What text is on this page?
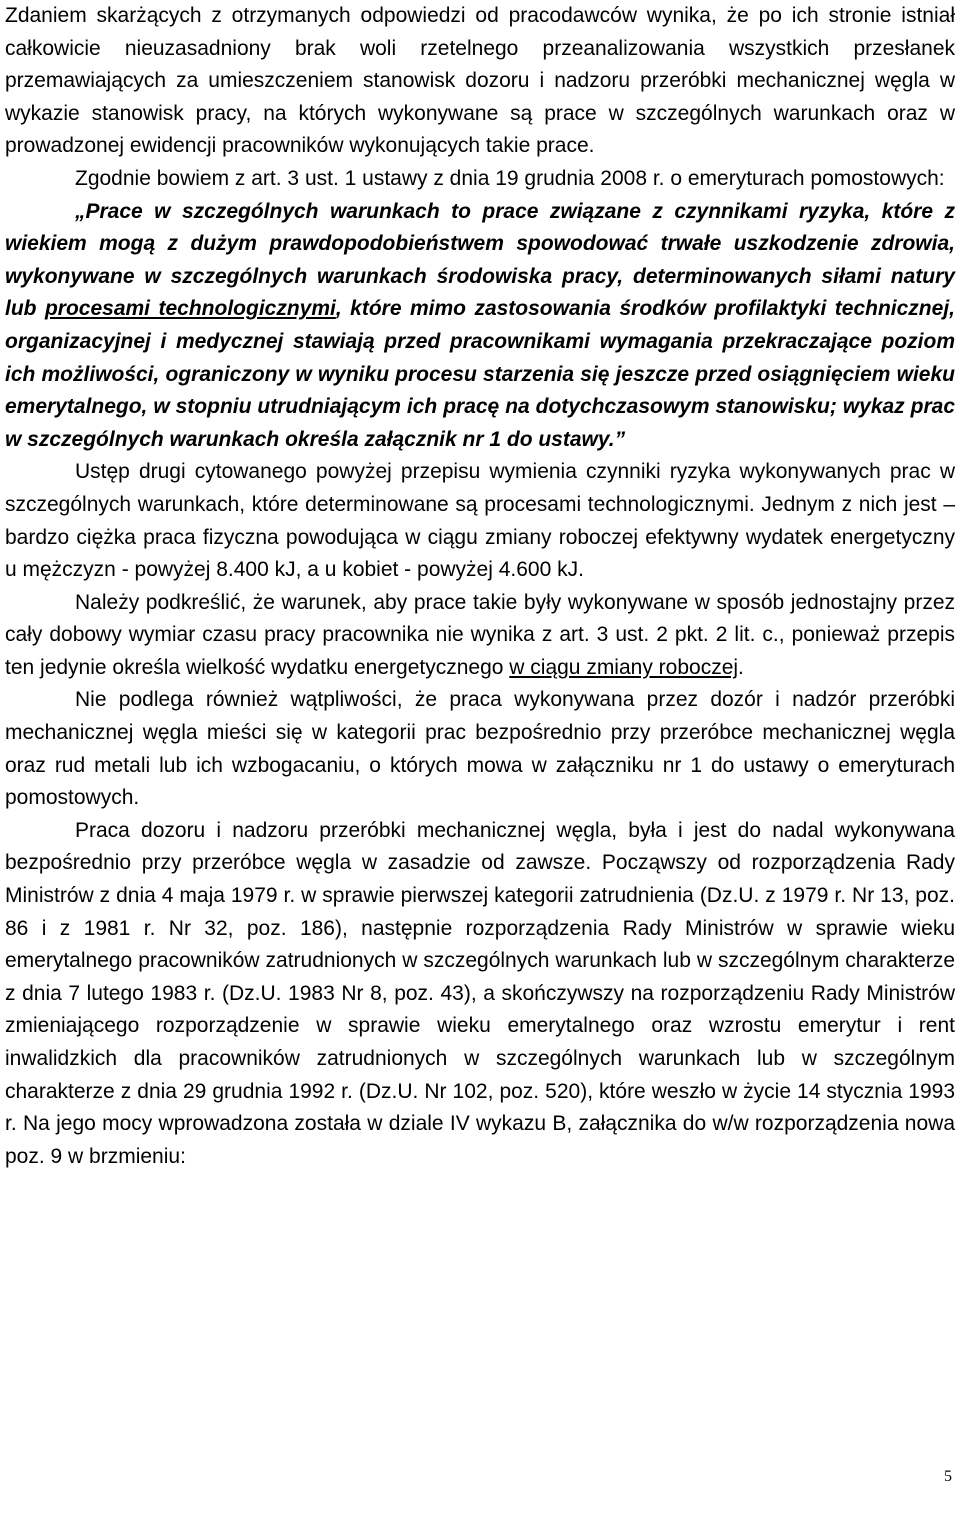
Zdaniem skarżących z otrzymanych odpowiedzi od pracodawców wynika, że po ich stronie istniał całkowicie nieuzasadniony brak woli rzetelnego przeanalizowania wszystkich przesłanek przemawiających za umieszczeniem stanowisk dozoru i nadzoru przeróbki mechanicznej węgla w wykazie stanowisk pracy, na których wykonywane są prace w szczególnych warunkach oraz w prowadzonej ewidencji pracowników wykonujących takie prace.

Zgodnie bowiem z art. 3 ust. 1 ustawy z dnia 19 grudnia 2008 r. o emeryturach pomostowych:

„Prace w szczególnych warunkach to prace związane z czynnikami ryzyka, które z wiekiem mogą z dużym prawdopodobieństwem spowodować trwałe uszkodzenie zdrowia, wykonywane w szczególnych warunkach środowiska pracy, determinowanych siłami natury lub procesami technologicznymi, które mimo zastosowania środków profilaktyki technicznej, organizacyjnej i medycznej stawiają przed pracownikami wymagania przekraczające poziom ich możliwości, ograniczony w wyniku procesu starzenia się jeszcze przed osiągnięciem wieku emerytalnego, w stopniu utrudniającym ich pracę na dotychczasowym stanowisku; wykaz prac w szczególnych warunkach określa załącznik nr 1 do ustawy.”

Ustęp drugi cytowanego powyżej przepisu wymienia czynniki ryzyka wykonywanych prac w szczególnych warunkach, które determinowane są procesami technologicznymi. Jednym z nich jest – bardzo ciężka praca fizyczna powodująca w ciągu zmiany roboczej efektywny wydatek energetyczny u mężczyzn - powyżej 8.400 kJ, a u kobiet - powyżej 4.600 kJ.

Należy podkreślić, że warunek, aby prace takie były wykonywane w sposób jednostajny przez cały dobowy wymiar czasu pracy pracownika nie wynika z art. 3 ust. 2 pkt. 2 lit. c., ponieważ przepis ten jedynie określa wielkość wydatku energetycznego w ciągu zmiany roboczej.

Nie podlega również wątpliwości, że praca wykonywana przez dozór i nadzór przeróbki mechanicznej węgla mieści się w kategorii prac bezpośrednio przy przeróbce mechanicznej węgla oraz rud metali lub ich wzbogacaniu, o których mowa w załączniku nr 1 do ustawy o emeryturach pomostowych.

Praca dozoru i nadzoru przeróbki mechanicznej węgla, była i jest do nadal wykonywana bezpośrednio przy przeróbce węgla w zasadzie od zawsze. Począwszy od rozporządzenia Rady Ministrów z dnia 4 maja 1979 r. w sprawie pierwszej kategorii zatrudnienia (Dz.U. z 1979 r. Nr 13, poz. 86 i z 1981 r. Nr 32, poz. 186), następnie rozporządzenia Rady Ministrów w sprawie wieku emerytalnego pracowników zatrudnionych w szczególnych warunkach lub w szczególnym charakterze z dnia 7 lutego 1983 r. (Dz.U. 1983 Nr 8, poz. 43), a skończywszy na rozporządzeniu Rady Ministrów zmieniającego rozporządzenie w sprawie wieku emerytalnego oraz wzrostu emerytur i rent inwalidzkich dla pracowników zatrudnionych w szczególnych warunkach lub w szczególnym charakterze z dnia 29 grudnia 1992 r. (Dz.U. Nr 102, poz. 520), które weszło w życie 14 stycznia 1993 r. Na jego mocy wprowadzona została w dziale IV wykazu B, załącznika do w/w rozporządzenia nowa poz. 9 w brzmieniu:

5
